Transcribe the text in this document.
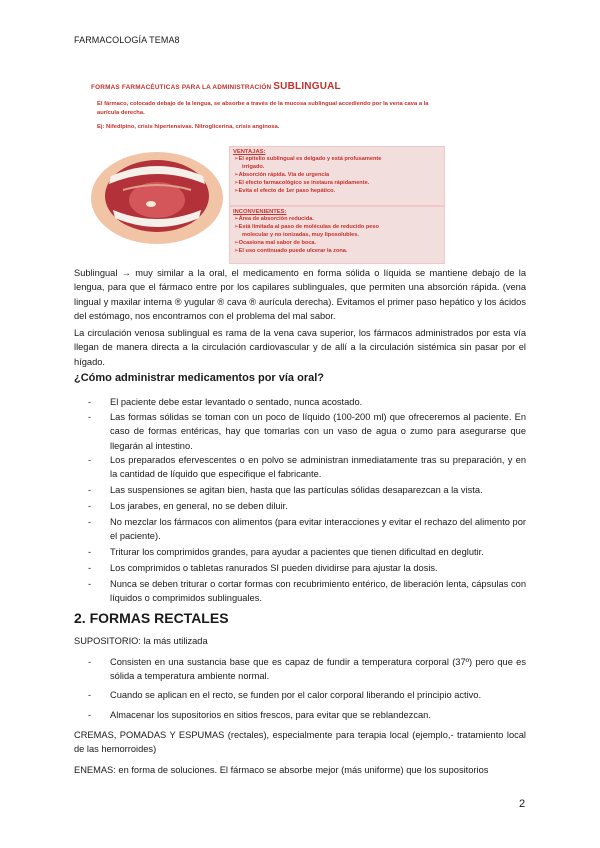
FARMACOLOGÍA TEMA8
FORMAS FARMACÉUTICAS PARA LA ADMINISTRACIÓN SUBLINGUAL
El fármaco, colocado debajo de la lengua, se absorbe a través de la mucosa sublingual accediendo por la vena cava a la aurícula derecha.
Ej: Nifedipino, crisis hipertensivas. Nitroglicerina, crisis anginosa.
VENTAJAS:
➢El epitelio sublingual es delgado y está profusamente
irrigado.
➢Absorción rápida. Vía de urgencia
➢El efecto farmacológico se instaura rápidamente.
➢Evita el efecto de 1er paso hepático.
INCONVENIENTES:
➢Área de absorción reducida.
➢Está limitada al paso de moléculas de reducido peso
molecular y no ionizadas, muy liposolubles.
➢Ocasiona mal sabor de boca.
➢El uso continuado puede ulcerar la zona.

Sublingual → muy similar a la oral, el medicamento en forma sólida o líquida se mantiene debajo de la lengua, para que el fármaco entre por los capilares sublinguales, que permiten una absorción rápida. (vena lingual y maxilar interna ® yugular ® cava ® aurícula derecha). Evitamos el primer paso hepático y los ácidos del estómago, nos encontramos con el problema del mal sabor.

La circulación venosa sublingual es rama de la vena cava superior, los fármacos administrados por esta vía llegan de manera directa a la circulación cardiovascular y de allí a la circulación sistémica sin pasar por el hígado.

¿Cómo administrar medicamentos por vía oral?
- El paciente debe estar levantado o sentado, nunca acostado.
- Las formas sólidas se toman con un poco de líquido (100-200 ml) que ofreceremos al paciente. En caso de formas entéricas, hay que tomarlas con un vaso de agua o zumo para asegurarse que llegarán al intestino.
- Los preparados efervescentes o en polvo se administran inmediatamente tras su preparación, y en la cantidad de líquido que especifique el fabricante.
- Las suspensiones se agitan bien, hasta que las partículas sólidas desaparezcan a la vista.
- Los jarabes, en general, no se deben diluir.
- No mezclar los fármacos con alimentos (para evitar interacciones y evitar el rechazo del alimento por el paciente).
- Triturar los comprimidos grandes, para ayudar a pacientes que tienen dificultad en deglutir.
- Los comprimidos o tabletas ranurados SI pueden dividirse para ajustar la dosis.
- Nunca se deben triturar o cortar formas con recubrimiento entérico, de liberación lenta, cápsulas con líquidos o comprimidos sublinguales.
2. FORMAS RECTALES

SUPOSITORIO: la más utilizada

- Consisten en una sustancia base que es capaz de fundir a temperatura corporal (37º) pero que es sólida a temperatura ambiente normal.
- Cuando se aplican en el recto, se funden por el calor corporal liberando el principio activo.
- Almacenar los supositorios en sitios frescos, para evitar que se reblandezcan.

CREMAS, POMADAS Y ESPUMAS (rectales), especialmente para terapia local (ejemplo,- tratamiento local de las hemorroides)

ENEMAS: en forma de soluciones. El fármaco se absorbe mejor (más uniforme) que los supositorios

2
